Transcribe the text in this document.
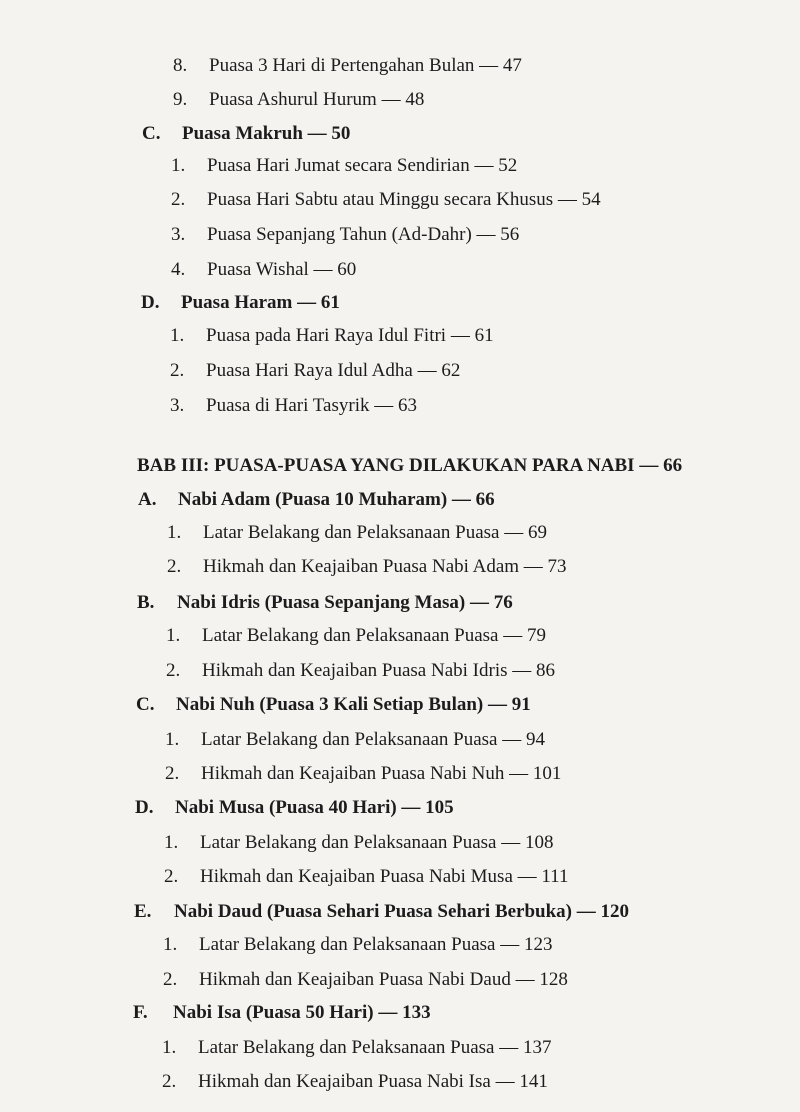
8. Puasa 3 Hari di Pertengahan Bulan — 47
9. Puasa Ashurul Hurum — 48
C. Puasa Makruh — 50
1. Puasa Hari Jumat secara Sendirian — 52
2. Puasa Hari Sabtu atau Minggu secara Khusus — 54
3. Puasa Sepanjang Tahun (Ad-Dahr) — 56
4. Puasa Wishal — 60
D. Puasa Haram — 61
1. Puasa pada Hari Raya Idul Fitri — 61
2. Puasa Hari Raya Idul Adha — 62
3. Puasa di Hari Tasyrik — 63
BAB III: PUASA-PUASA YANG DILAKUKAN PARA NABI — 66
A. Nabi Adam (Puasa 10 Muharam) — 66
1. Latar Belakang dan Pelaksanaan Puasa — 69
2. Hikmah dan Keajaiban Puasa Nabi Adam — 73
B. Nabi Idris (Puasa Sepanjang Masa) — 76
1. Latar Belakang dan Pelaksanaan Puasa — 79
2. Hikmah dan Keajaiban Puasa Nabi Idris — 86
C. Nabi Nuh (Puasa 3 Kali Setiap Bulan) — 91
1. Latar Belakang dan Pelaksanaan Puasa — 94
2. Hikmah dan Keajaiban Puasa Nabi Nuh — 101
D. Nabi Musa (Puasa 40 Hari) — 105
1. Latar Belakang dan Pelaksanaan Puasa — 108
2. Hikmah dan Keajaiban Puasa Nabi Musa — 111
E. Nabi Daud (Puasa Sehari Puasa Sehari Berbuka) — 120
1. Latar Belakang dan Pelaksanaan Puasa — 123
2. Hikmah dan Keajaiban Puasa Nabi Daud — 128
F. Nabi Isa (Puasa 50 Hari) — 133
1. Latar Belakang dan Pelaksanaan Puasa — 137
2. Hikmah dan Keajaiban Puasa Nabi Isa — 141
